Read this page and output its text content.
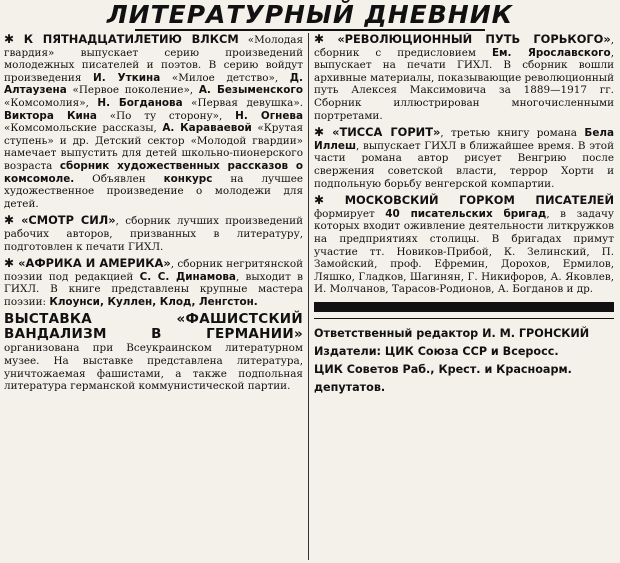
ЛИТЕРАТУРНЫЙ ДНЕВНИК

✱ К ПЯТНАДЦАТИЛЕТИЮ ВЛКСМ «Молодая гвардия» выпускает серию произведений молодежных писателей и поэтов. В серию войдут произведения И. Уткина «Милое детство», Д. Алтаузена «Первое поколение», А. Безыменского «Комсомолия», Н. Богданова «Первая девушка». Виктора Кина «По ту сторону», Н. Огнева «Комсомольские рассказы, А. Караваевой «Крутая ступень» и др. Детский сектор «Молодой гвардии» намечает выпустить для детей школьно-пионерского возраста сборник художественных рассказов о комсомоле. Объявлен конкурс на лучшее художественное произведение о молодежи для детей.

✱ «СМОТР СИЛ», сборник лучших произведений рабочих авторов, призванных в литературу, подготовлен к печати ГИХЛ.

✱ «АФРИКА И АМЕРИКА», сборник негритянской поэзии под редакцией С. С. Динамова, выходит в ГИХЛ. В книге представлены крупные мастера поэзии: Клоунси, Куллен, Клод, Ленгстон.

ВЫСТАВКА «ФАШИСТСКИЙ ВАНДАЛИЗМ В ГЕРМАНИИ» организована при Всеукраинском литературном музее. На выставке представлена литература, уничтожаемая фашистами, а также подпольная литература германской коммунистической партии.

✱ «РЕВОЛЮЦИОННЫЙ ПУТЬ ГОРЬКОГО», сборник с предисловием Ем. Ярославского, выпускает на печати ГИХЛ. В сборник вошли архивные материалы, показывающие революционный путь Алексея Максимовича за 1889—1917 гг. Сборник иллюстрирован многочисленными портретами.

✱ «ТИССА ГОРИТ», третью книгу романа Бела Иллеш, выпускает ГИХЛ в ближайшее время. В этой части романа автор рисует Венгрию после свержения советской власти, террор Хорти и подпольную борьбу венгерской компартии.

✱ МОСКОВСКИЙ ГОРКОМ ПИСАТЕЛЕЙ формирует 40 писательских бригад, в задачу которых входит оживление деятельности литкружков на предприятиях столицы. В бригадах примут участие тт. Новиков-Прибой, К. Зелинский, П. Замойский, проф. Ефремин, Дорохов, Ермилов, Ляшко, Гладков, Шагинян, Г. Никифоров, А. Яковлев, И. Молчанов, Тарасов-Родионов, А. Богданов и др.

Ответственный редактор И. М. ГРОНСКИЙ
Издатели: ЦИК Союза ССР и Всеросс.
ЦИК Советов Раб., Крест. и Красноарм.
депутатов.
